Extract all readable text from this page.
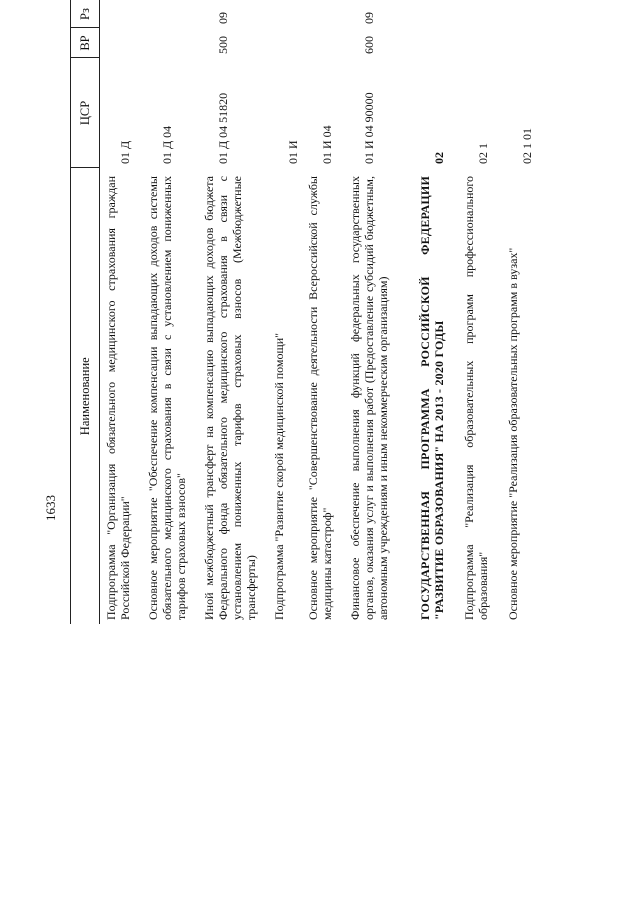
1633
Наименование	ЦСР	ВР	Рз		
Подпрограмма "Организация обязательного медицинского страхования граждан Российской Федерации"	01 Д				
Основное мероприятие "Обеспечение компенсации выпадающих доходов системы обязательного медицинского страхования в связи с установлением пониженных тарифов страховых взносов"	01 Д 04				
Иной межбюджетный трансферт на компенсацию выпадающих доходов бюджета Федерального фонда обязательного медицинского страхования в связи с установлением пониженных тарифов страховых взносов (Межбюджетные трансферты)	01 Д 04 51820	500	09		
Подпрограмма "Развитие скорой медицинской помощи"	01 И				
Основное мероприятие "Совершенствование деятельности Всероссийской службы медицины катастроф"	01 И 04				
Финансовое обеспечение выполнения функций федеральных государственных органов, оказания услуг и выполнения работ (Предоставление субсидий бюджетным, автономным учреждениям и иным некоммерческим организациям)	01 И 04 90000	600	09		
ГОСУДАРСТВЕННАЯ ПРОГРАММА РОССИЙСКОЙ ФЕДЕРАЦИИ "РАЗВИТИЕ ОБРАЗОВАНИЯ" НА 2013 - 2020 ГОДЫ	02				
Подпрограмма "Реализация образовательных программ профессионального образования"	02 1				
Основное мероприятие "Реализация образовательных программ в вузах"	02 1 01				
